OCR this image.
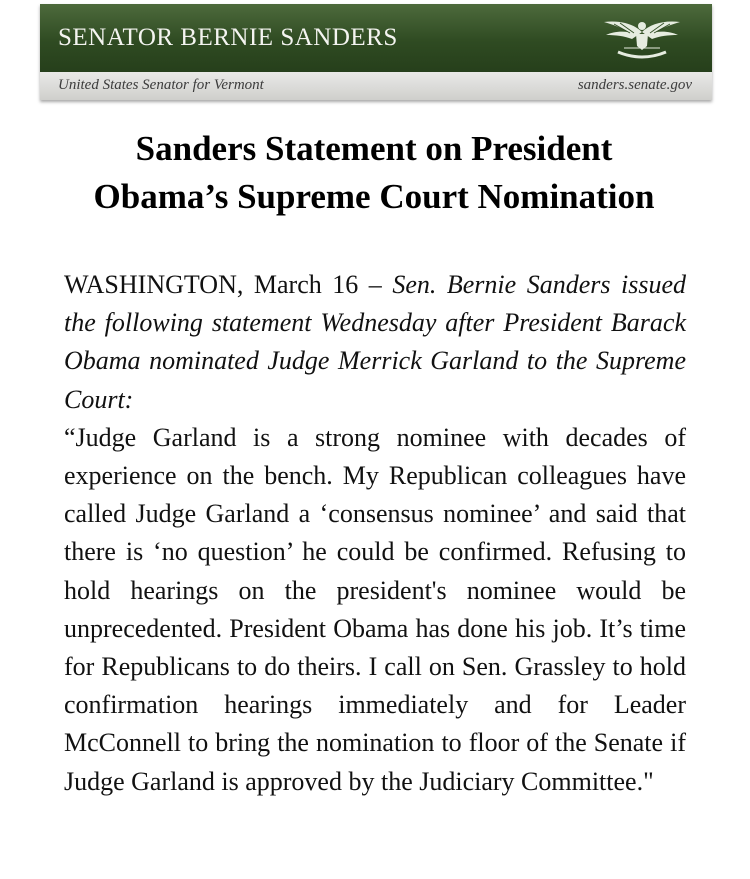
SENATOR BERNIE SANDERS
United States Senator for Vermont	sanders.senate.gov
Sanders Statement on President Obama’s Supreme Court Nomination

WASHINGTON, March 16 – Sen. Bernie Sanders issued the following statement Wednesday after President Barack Obama nominated Judge Merrick Garland to the Supreme Court:

“Judge Garland is a strong nominee with decades of experience on the bench. My Republican colleagues have called Judge Garland a ‘consensus nominee’ and said that there is ‘no question’ he could be confirmed. Refusing to hold hearings on the president's nominee would be unprecedented. President Obama has done his job. It’s time for Republicans to do theirs. I call on Sen. Grassley to hold confirmation hearings immediately and for Leader McConnell to bring the nomination to floor of the Senate if Judge Garland is approved by the Judiciary Committee."
